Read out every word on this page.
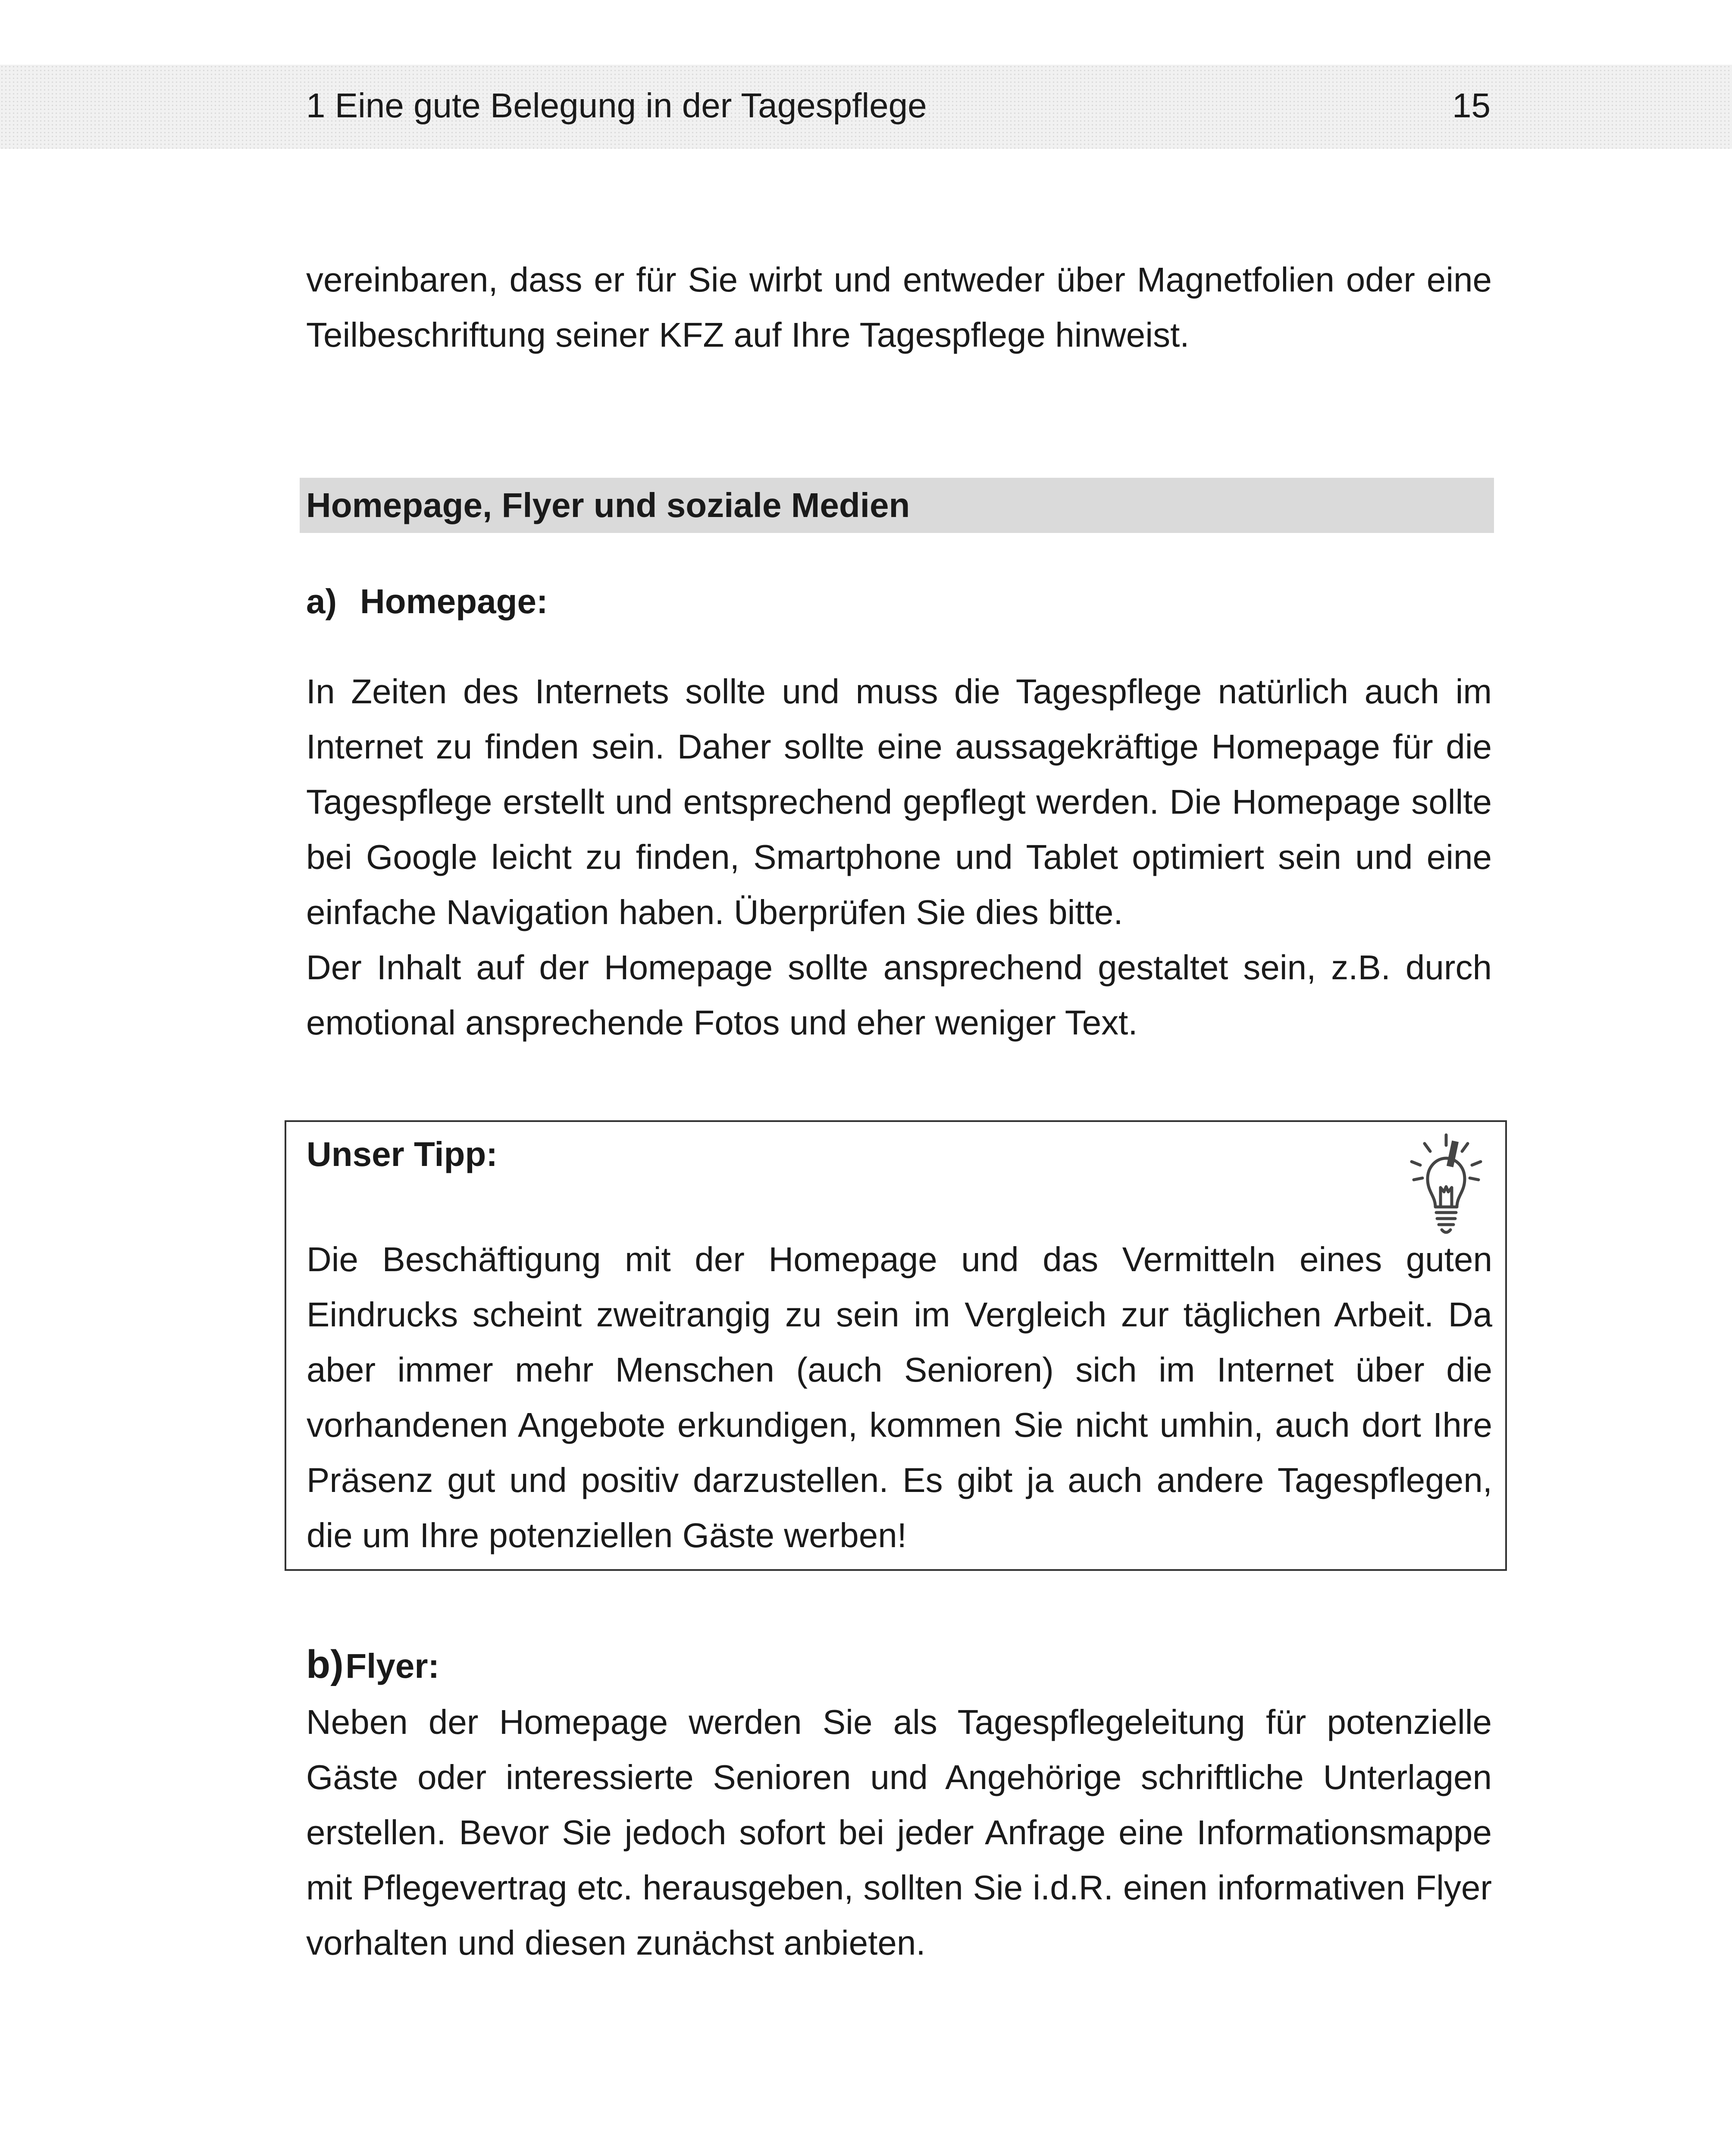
1 Eine gute Belegung in der Tagespflege	15

vereinbaren, dass er für Sie wirbt und entweder über Magnetfolien oder eine Teilbeschriftung seiner KFZ auf Ihre Tagespflege hinweist.

Homepage, Flyer und soziale Medien
a) Homepage:

In Zeiten des Internets sollte und muss die Tagespflege natürlich auch im Internet zu finden sein. Daher sollte eine aussagekräftige Homepage für die Tagespflege erstellt und entsprechend gepflegt werden. Die Homepage sollte bei Google leicht zu finden, Smartphone und Tablet optimiert sein und eine einfache Navigation haben. Überprüfen Sie dies bitte.

Der Inhalt auf der Homepage sollte ansprechend gestaltet sein, z.B. durch emotional ansprechende Fotos und eher weniger Text.

Unser Tipp:

Die Beschäftigung mit der Homepage und das Vermitteln eines guten Eindrucks scheint zweitrangig zu sein im Vergleich zur täglichen Arbeit. Da aber immer mehr Menschen (auch Senioren) sich im Internet über die vorhandenen Angebote erkundigen, kommen Sie nicht umhin, auch dort Ihre Präsenz gut und positiv darzustellen. Es gibt ja auch andere Tagespflegen, die um Ihre potenziellen Gäste werben!

b) Flyer:

Neben der Homepage werden Sie als Tagespflegeleitung für potenzielle Gäste oder interessierte Senioren und Angehörige schriftliche Unterlagen erstellen. Bevor Sie jedoch sofort bei jeder Anfrage eine Informationsmappe mit Pflegevertrag etc. herausgeben, sollten Sie i.d.R. einen informativen Flyer vorhalten und diesen zunächst anbieten.
